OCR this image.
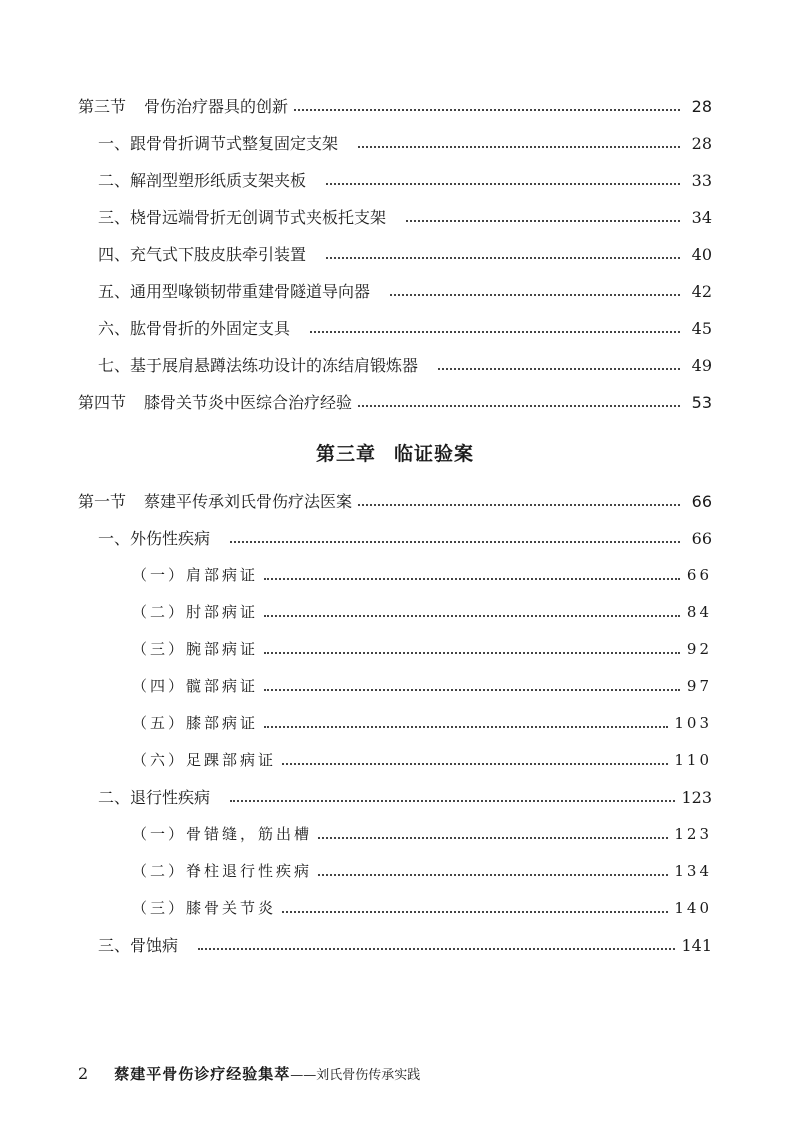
第三节 骨伤治疗器具的创新	28
一、跟骨骨折调节式整复固定支架	28
二、解剖型塑形纸质支架夹板	33
三、桡骨远端骨折无创调节式夹板托支架	34
四、充气式下肢皮肤牵引装置	40
五、通用型喙锁韧带重建骨隧道导向器	42
六、肱骨骨折的外固定支具	45
七、基于展肩悬蹲法练功设计的冻结肩锻炼器	49
第四节 膝骨关节炎中医综合治疗经验	53
第三章 临证验案
第一节 蔡建平传承刘氏骨伤疗法医案	66
一、外伤性疾病	66
（一）肩部病证	66
（二）肘部病证	84
（三）腕部病证	92
（四）髋部病证	97
（五）膝部病证	103
（六）足踝部病证	110
二、退行性疾病	123
（一）骨错缝，筋出槽	123
（二）脊柱退行性疾病	134
（三）膝骨关节炎	140
三、骨蚀病	141
2 蔡建平骨伤诊疗经验集萃 ——刘氏骨伤传承实践
